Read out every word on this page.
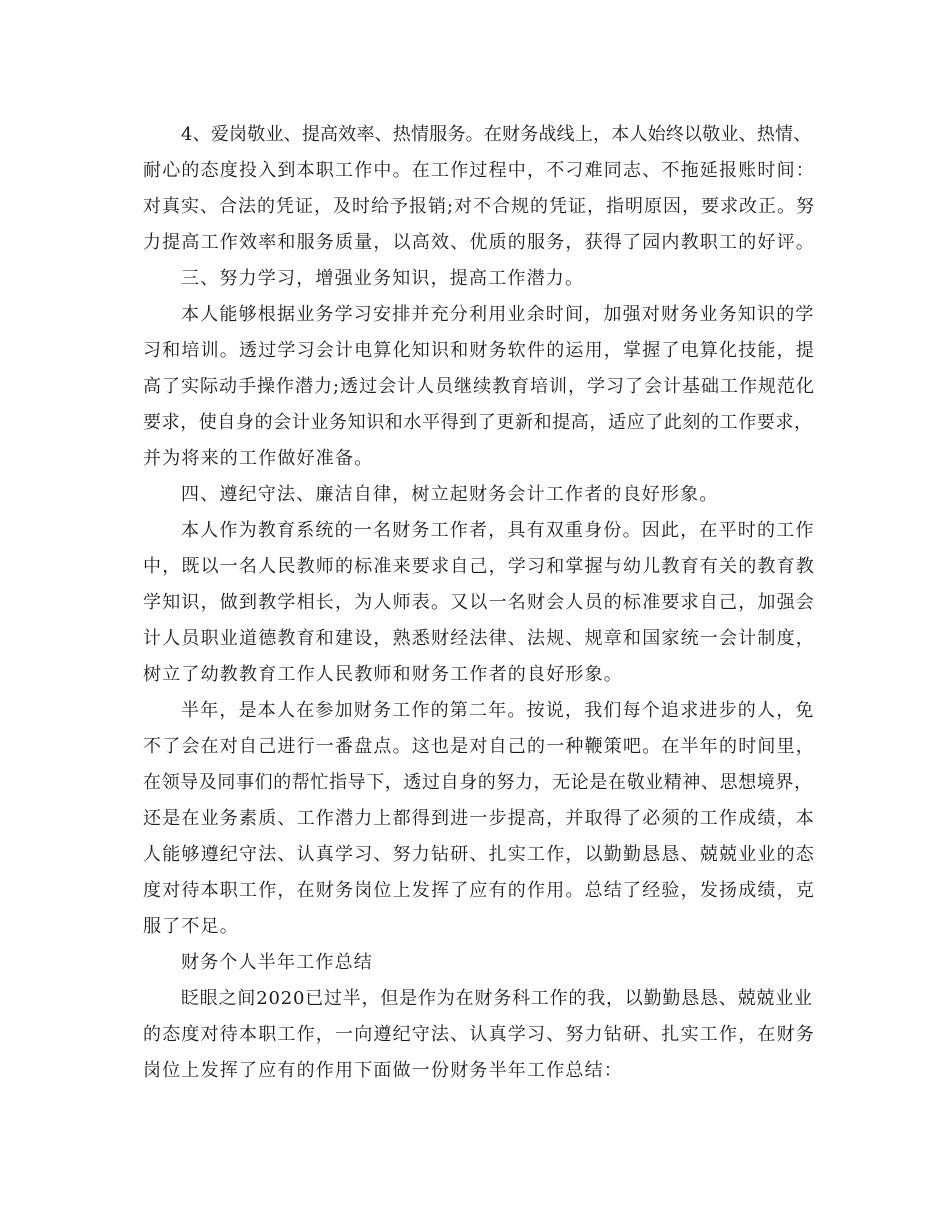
4、爱岗敬业、提高效率、热情服务。在财务战线上，本人始终以敬业、热情、
耐心的态度投入到本职工作中。在工作过程中，不刁难同志、不拖延报账时间：
对真实、合法的凭证，及时给予报销;对不合规的凭证，指明原因，要求改正。努
力提高工作效率和服务质量，以高效、优质的服务，获得了园内教职工的好评。
三、努力学习，增强业务知识，提高工作潜力。
本人能够根据业务学习安排并充分利用业余时间，加强对财务业务知识的学
习和培训。透过学习会计电算化知识和财务软件的运用，掌握了电算化技能，提
高了实际动手操作潜力;透过会计人员继续教育培训，学习了会计基础工作规范化
要求，使自身的会计业务知识和水平得到了更新和提高，适应了此刻的工作要求，
并为将来的工作做好准备。
四、遵纪守法、廉洁自律，树立起财务会计工作者的良好形象。
本人作为教育系统的一名财务工作者，具有双重身份。因此，在平时的工作
中，既以一名人民教师的标准来要求自己，学习和掌握与幼儿教育有关的教育教
学知识，做到教学相长，为人师表。又以一名财会人员的标准要求自己，加强会
计人员职业道德教育和建设，熟悉财经法律、法规、规章和国家统一会计制度，
树立了幼教教育工作人民教师和财务工作者的良好形象。
半年，是本人在参加财务工作的第二年。按说，我们每个追求进步的人，免
不了会在对自己进行一番盘点。这也是对自己的一种鞭策吧。在半年的时间里，
在领导及同事们的帮忙指导下，透过自身的努力，无论是在敬业精神、思想境界，
还是在业务素质、工作潜力上都得到进一步提高，并取得了必须的工作成绩，本
人能够遵纪守法、认真学习、努力钻研、扎实工作，以勤勤恳恳、兢兢业业的态
度对待本职工作，在财务岗位上发挥了应有的作用。总结了经验，发扬成绩，克
服了不足。
财务个人半年工作总结
眨眼之间2020已过半，但是作为在财务科工作的我，以勤勤恳恳、兢兢业业
的态度对待本职工作，一向遵纪守法、认真学习、努力钻研、扎实工作，在财务
岗位上发挥了应有的作用下面做一份财务半年工作总结：
